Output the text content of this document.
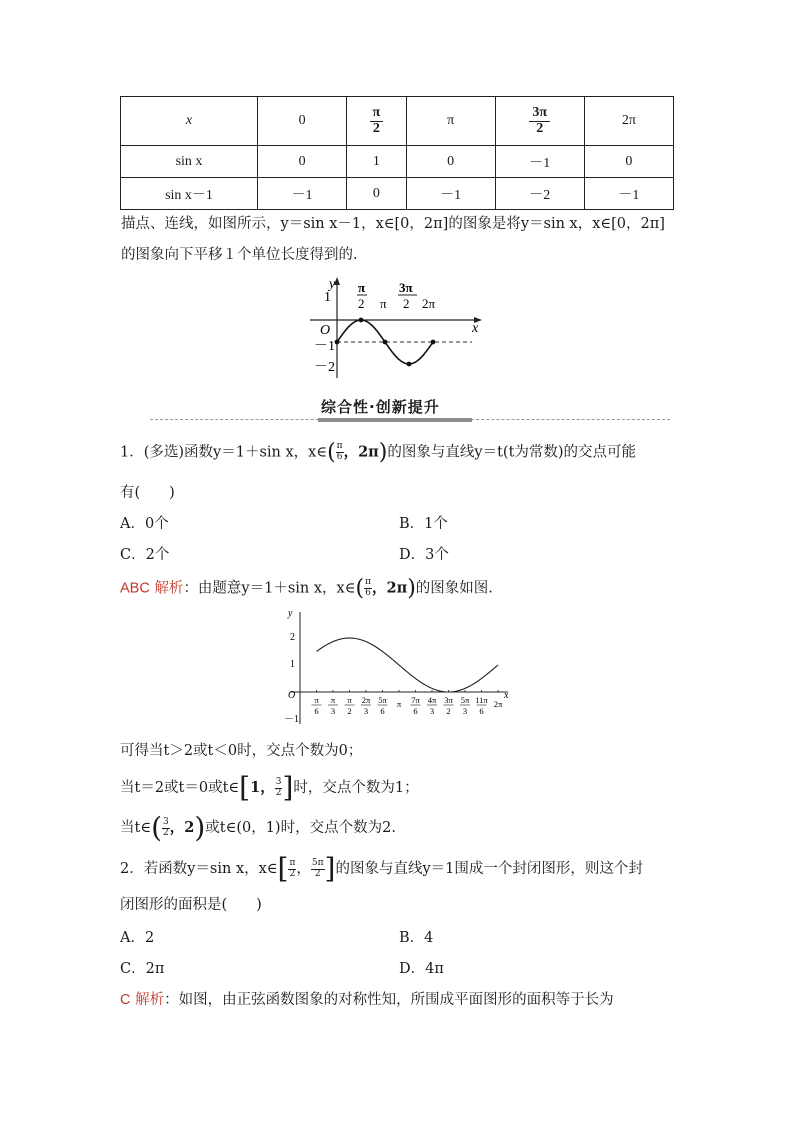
x	0	$\frac{\pi}{2}$	π	$\frac{3\pi}{2}$	2π
sin x	0	1	0	－1	0
sin x－1	－1	0	－1	－2	－1
描点、连线，如图所示，y＝sin x－1，x∈[0，2π]的图象是将y＝sin x，x∈[0，2π]
的图象向下平移１个单位长度得到的.
y
x
O
1
－1
－2
π
2 π
3π
2 2π
综合性·创新提升
1．(多选)函数y＝1＋sin x，x∈( $\frac{\pi}{6}$ ，2π)的图象与直线y＝t(t为常数)的交点可能
有(　　)
A．0个	B．1个
C．2个	D．3个
ABC 解析：由题意y＝1＋sin x，x∈( $\frac{\pi}{6}$ ，2π)的图象如图.
π
6
π
3
π
2
2π
3
5π
6
π 7π
6
4π
3
3π
2
5π
3
11π
6
2π
y
x
O
2
1
－1
可得当t＞2或t＜0时，交点个数为0；
当t＝2或t＝0或t∈[1， $\frac{3}{2}$ ]时，交点个数为1；
当t∈( $\frac{3}{2}$ ，2)或t∈(0，1)时，交点个数为2.
2．若函数y＝sin x，x∈[ $\frac{\pi}{2}$ ， $\frac{5\pi}{2}$ ]的图象与直线y＝1围成一个封闭图形，则这个封
闭图形的面积是(　　)
A．2	B．4
C．2π	D．4π
C 解析：如图，由正弦函数图象的对称性知，所围成平面图形的面积等于长为
